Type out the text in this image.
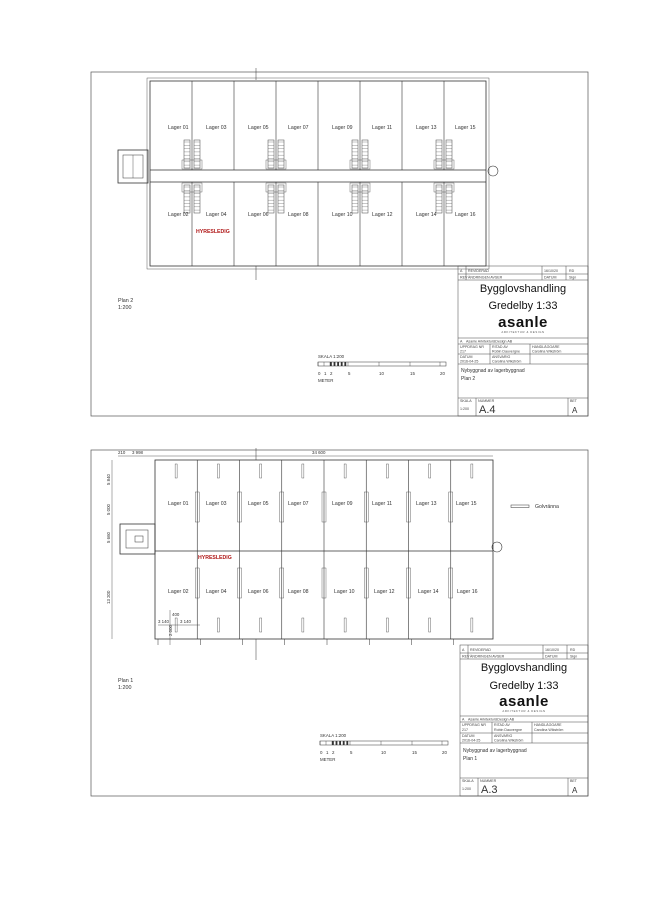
Lager 01	Lager 03	Lager 05	Lager 07	Lager 09	Lager 11	Lager 13	Lager 15
Lager 02	Lager 04	Lager 06	Lager 08	Lager 10	Lager 12	Lager 14	Lager 16
HYRESLEDIG
Plan 2
1:200
SKALA 1:200
0 1 2	5	10	15	20
METER
A REVIDERAD	16/10/20	RD
REV ÄNDRINGEN AVSER	DATUM	Sign
Bygglovshandling
Gredelby 1:33
asanle
ARKITEKTUR & DESIGN
A Asanle Arkitektur&Design AB
UPPDRAG NR
217
RITAD AV
Robin Dauvergne
HANDLÄGGARE
Carolina Wikström
DATUM
2016-04-25
ANSVARIG
Carolina Wikström
Nybyggnad av lagerbyggnad
Plan 2
SKALA
1:200
NUMMER
A.4
BET
A
Golvränna
210 3 998	34 600
5 840
5 000
5 660
13 200
3 140	3 140
400
2 000
Lager 01	Lager 03	Lager 05	Lager 07	Lager 09	Lager 11	Lager 13	Lager 15
Lager 02	Lager 04	Lager 06	Lager 08	Lager 10	Lager 12	Lager 14	Lager 16
HYRESLEDIG
Plan 1
1:200
SKALA 1:200
0 1 2	5	10	15	20
METER
A REVIDERAD	16/10/20	RD
REV ÄNDRINGEN AVSER	DATUM	Sign
Bygglovshandling
Gredelby 1:33
asanle
ARKITEKTUR & DESIGN
A Asanle Arkitektur&Design AB
UPPDRAG NR
217
RITAD AV
Robin Dauvergne
HANDLÄGGARE
Carolina Wikström
DATUM
2016-04-25
ANSVARIG
Carolina Wikström
Nybyggnad av lagerbyggnad
Plan 1
SKALA
1:200
NUMMER
A.3
BET
A
